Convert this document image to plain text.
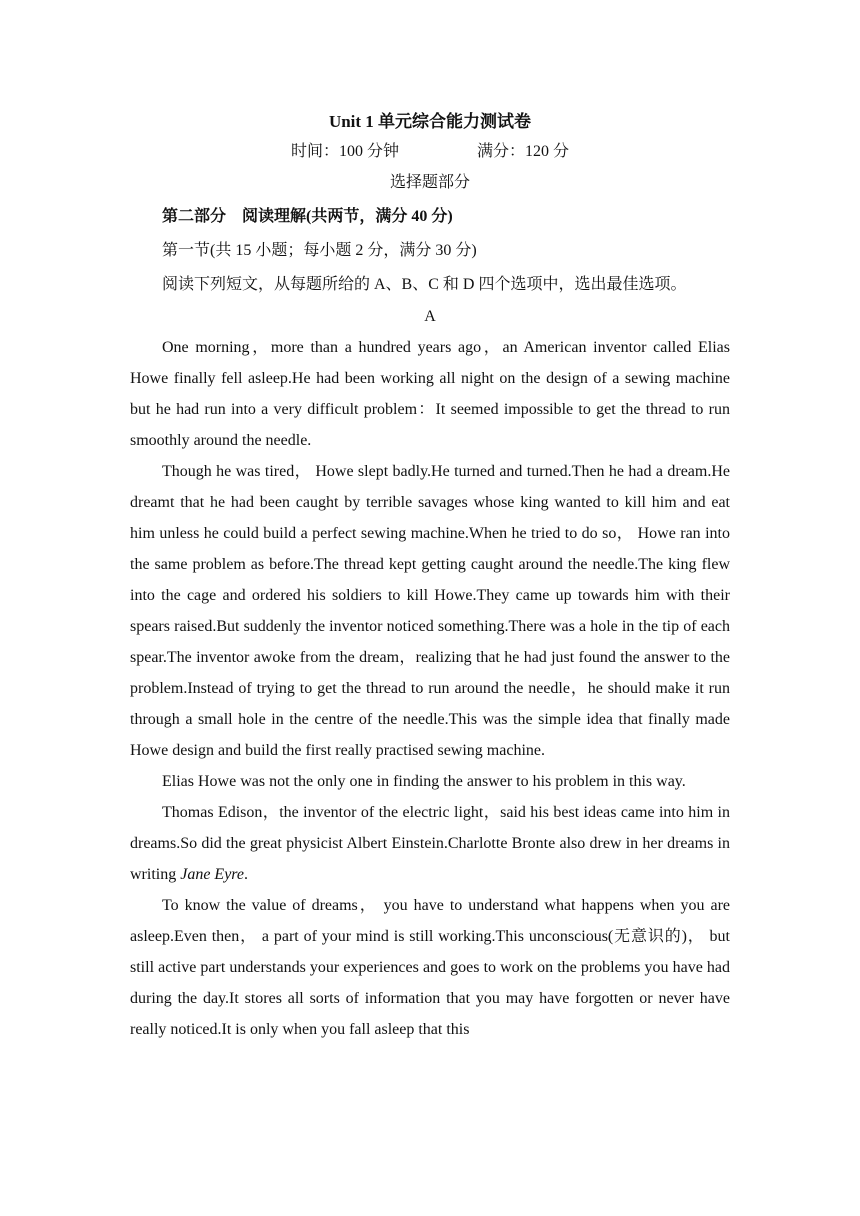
Unit 1 单元综合能力测试卷
时间：100 分钟	满分：120 分
选择题部分
第二部分　阅读理解(共两节，满分 40 分)
第一节(共 15 小题；每小题 2 分，满分 30 分)
阅读下列短文，从每题所给的 A、B、C 和 D 四个选项中，选出最佳选项。
A

One morning，more than a hundred years ago，an American inventor called Elias Howe finally fell asleep.He had been working all night on the design of a sewing machine but he had run into a very difficult problem：It seemed impossible to get the thread to run smoothly around the needle.

Though he was tired， Howe slept badly.He turned and turned.Then he had a dream.He dreamt that he had been caught by terrible savages whose king wanted to kill him and eat him unless he could build a perfect sewing machine.When he tried to do so， Howe ran into the same problem as before.The thread kept getting caught around the needle.The king flew into the cage and ordered his soldiers to kill Howe.They came up towards him with their spears raised.But suddenly the inventor noticed something.There was a hole in the tip of each spear.The inventor awoke from the dream，realizing that he had just found the answer to the problem.Instead of trying to get the thread to run around the needle，he should make it run through a small hole in the centre of the needle.This was the simple idea that finally made Howe design and build the first really practised sewing machine.

Elias Howe was not the only one in finding the answer to his problem in this way.

Thomas Edison，the inventor of the electric light，said his best ideas came into him in dreams.So did the great physicist Albert Einstein.Charlotte Bronte also drew in her dreams in writing Jane Eyre.

To know the value of dreams， you have to understand what happens when you are asleep.Even then， a part of your mind is still working.This unconscious(无意识的)， but still active part understands your experiences and goes to work on the problems you have had during the day.It stores all sorts of information that you may have forgotten or never have really noticed.It is only when you fall asleep that this
